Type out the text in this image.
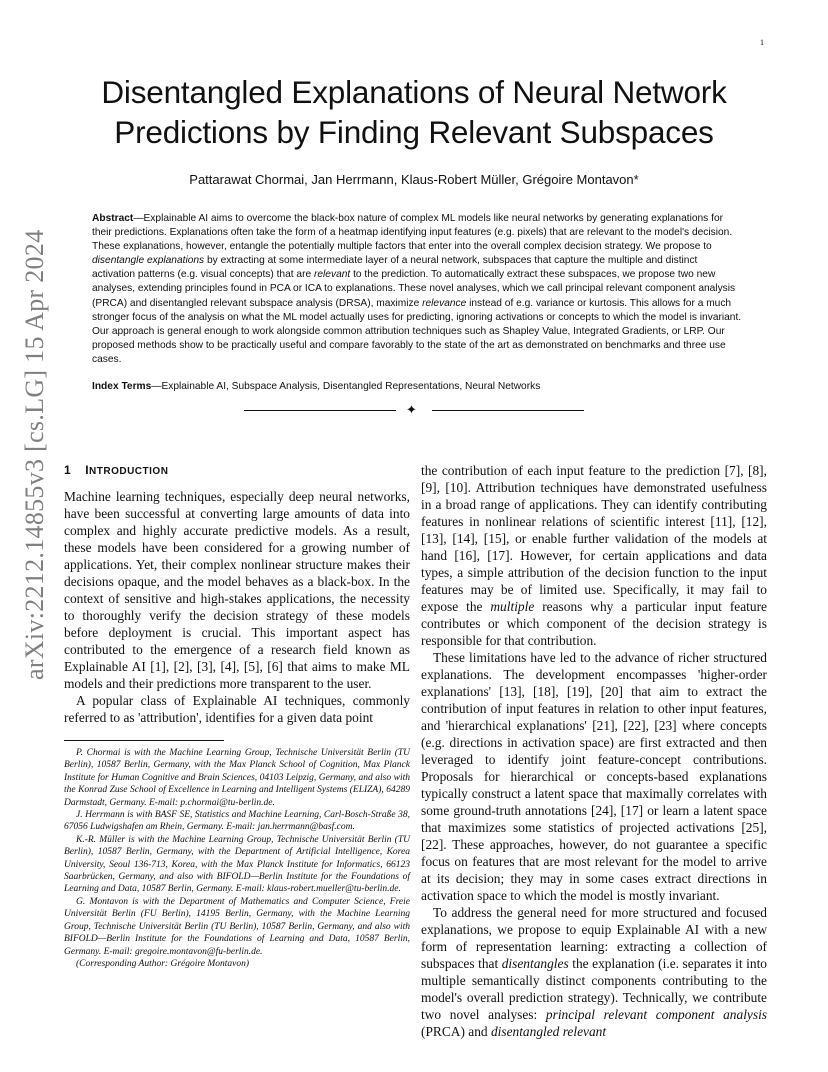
1
Disentangled Explanations of Neural Network
Predictions by Finding Relevant Subspaces
Pattarawat Chormai, Jan Herrmann, Klaus-Robert Müller, Grégoire Montavon*
Abstract—Explainable AI aims to overcome the black-box nature of complex ML models like neural networks by generating explanations for their predictions. Explanations often take the form of a heatmap identifying input features (e.g. pixels) that are relevant to the model's decision. These explanations, however, entangle the potentially multiple factors that enter into the overall complex decision strategy. We propose to disentangle explanations by extracting at some intermediate layer of a neural network, subspaces that capture the multiple and distinct activation patterns (e.g. visual concepts) that are relevant to the prediction. To automatically extract these subspaces, we propose two new analyses, extending principles found in PCA or ICA to explanations. These novel analyses, which we call principal relevant component analysis (PRCA) and disentangled relevant subspace analysis (DRSA), maximize relevance instead of e.g. variance or kurtosis. This allows for a much stronger focus of the analysis on what the ML model actually uses for predicting, ignoring activations or concepts to which the model is invariant. Our approach is general enough to work alongside common attribution techniques such as Shapley Value, Integrated Gradients, or LRP. Our proposed methods show to be practically useful and compare favorably to the state of the art as demonstrated on benchmarks and three use cases.
Index Terms—Explainable AI, Subspace Analysis, Disentangled Representations, Neural Networks
✦
arXiv:2212.14855v3 [cs.LG] 15 Apr 2024 1 INTRODUCTION

Machine learning techniques, especially deep neural networks, have been successful at converting large amounts of data into complex and highly accurate predictive models. As a result, these models have been considered for a growing number of applications. Yet, their complex nonlinear structure makes their decisions opaque, and the model behaves as a black-box. In the context of sensitive and high-stakes applications, the necessity to thoroughly verify the decision strategy of these models before deployment is crucial. This important aspect has contributed to the emergence of a research field known as Explainable AI [1], [2], [3], [4], [5], [6] that aims to make ML models and their predictions more transparent to the user.

A popular class of Explainable AI techniques, commonly referred to as 'attribution', identifies for a given data point

P. Chormai is with the Machine Learning Group, Technische Universität Berlin (TU Berlin), 10587 Berlin, Germany, with the Max Planck School of Cognition, Max Planck Institute for Human Cognitive and Brain Sciences, 04103 Leipzig, Germany, and also with the Konrad Zuse School of Excellence in Learning and Intelligent Systems (ELIZA), 64289 Darmstadt, Germany. E-mail: p.chormai@tu-berlin.de.

J. Herrmann is with BASF SE, Statistics and Machine Learning, Carl-Bosch-Straße 38, 67056 Ludwigshafen am Rhein, Germany. E-mail: jan.herrmann@basf.com.

K.-R. Müller is with the Machine Learning Group, Technische Universität Berlin (TU Berlin), 10587 Berlin, Germany, with the Department of Artificial Intelligence, Korea University, Seoul 136-713, Korea, with the Max Planck Institute for Informatics, 66123 Saarbrücken, Germany, and also with BIFOLD—Berlin Institute for the Foundations of Learning and Data, 10587 Berlin, Germany. E-mail: klaus-robert.mueller@tu-berlin.de.

G. Montavon is with the Department of Mathematics and Computer Science, Freie Universität Berlin (FU Berlin), 14195 Berlin, Germany, with the Machine Learning Group, Technische Universität Berlin (TU Berlin), 10587 Berlin, Germany, and also with BIFOLD—Berlin Institute for the Foundations of Learning and Data, 10587 Berlin, Germany. E-mail: gregoire.montavon@fu-berlin.de.

(Corresponding Author: Grégoire Montavon)

the contribution of each input feature to the prediction [7], [8], [9], [10]. Attribution techniques have demonstrated usefulness in a broad range of applications. They can identify contributing features in nonlinear relations of scientific interest [11], [12], [13], [14], [15], or enable further validation of the models at hand [16], [17]. However, for certain applications and data types, a simple attribution of the decision function to the input features may be of limited use. Specifically, it may fail to expose the multiple reasons why a particular input feature contributes or which component of the decision strategy is responsible for that contribution.

These limitations have led to the advance of richer structured explanations. The development encompasses 'higher-order explanations' [13], [18], [19], [20] that aim to extract the contribution of input features in relation to other input features, and 'hierarchical explanations' [21], [22], [23] where concepts (e.g. directions in activation space) are first extracted and then leveraged to identify joint feature-concept contributions. Proposals for hierarchical or concepts-based explanations typically construct a latent space that maximally correlates with some ground-truth annotations [24], [17] or learn a latent space that maximizes some statistics of projected activations [25], [22]. These approaches, however, do not guarantee a specific focus on features that are most relevant for the model to arrive at its decision; they may in some cases extract directions in activation space to which the model is mostly invariant.

To address the general need for more structured and focused explanations, we propose to equip Explainable AI with a new form of representation learning: extracting a collection of subspaces that disentangles the explanation (i.e. separates it into multiple semantically distinct components contributing to the model's overall prediction strategy). Technically, we contribute two novel analyses: principal relevant component analysis (PRCA) and disentangled relevant
